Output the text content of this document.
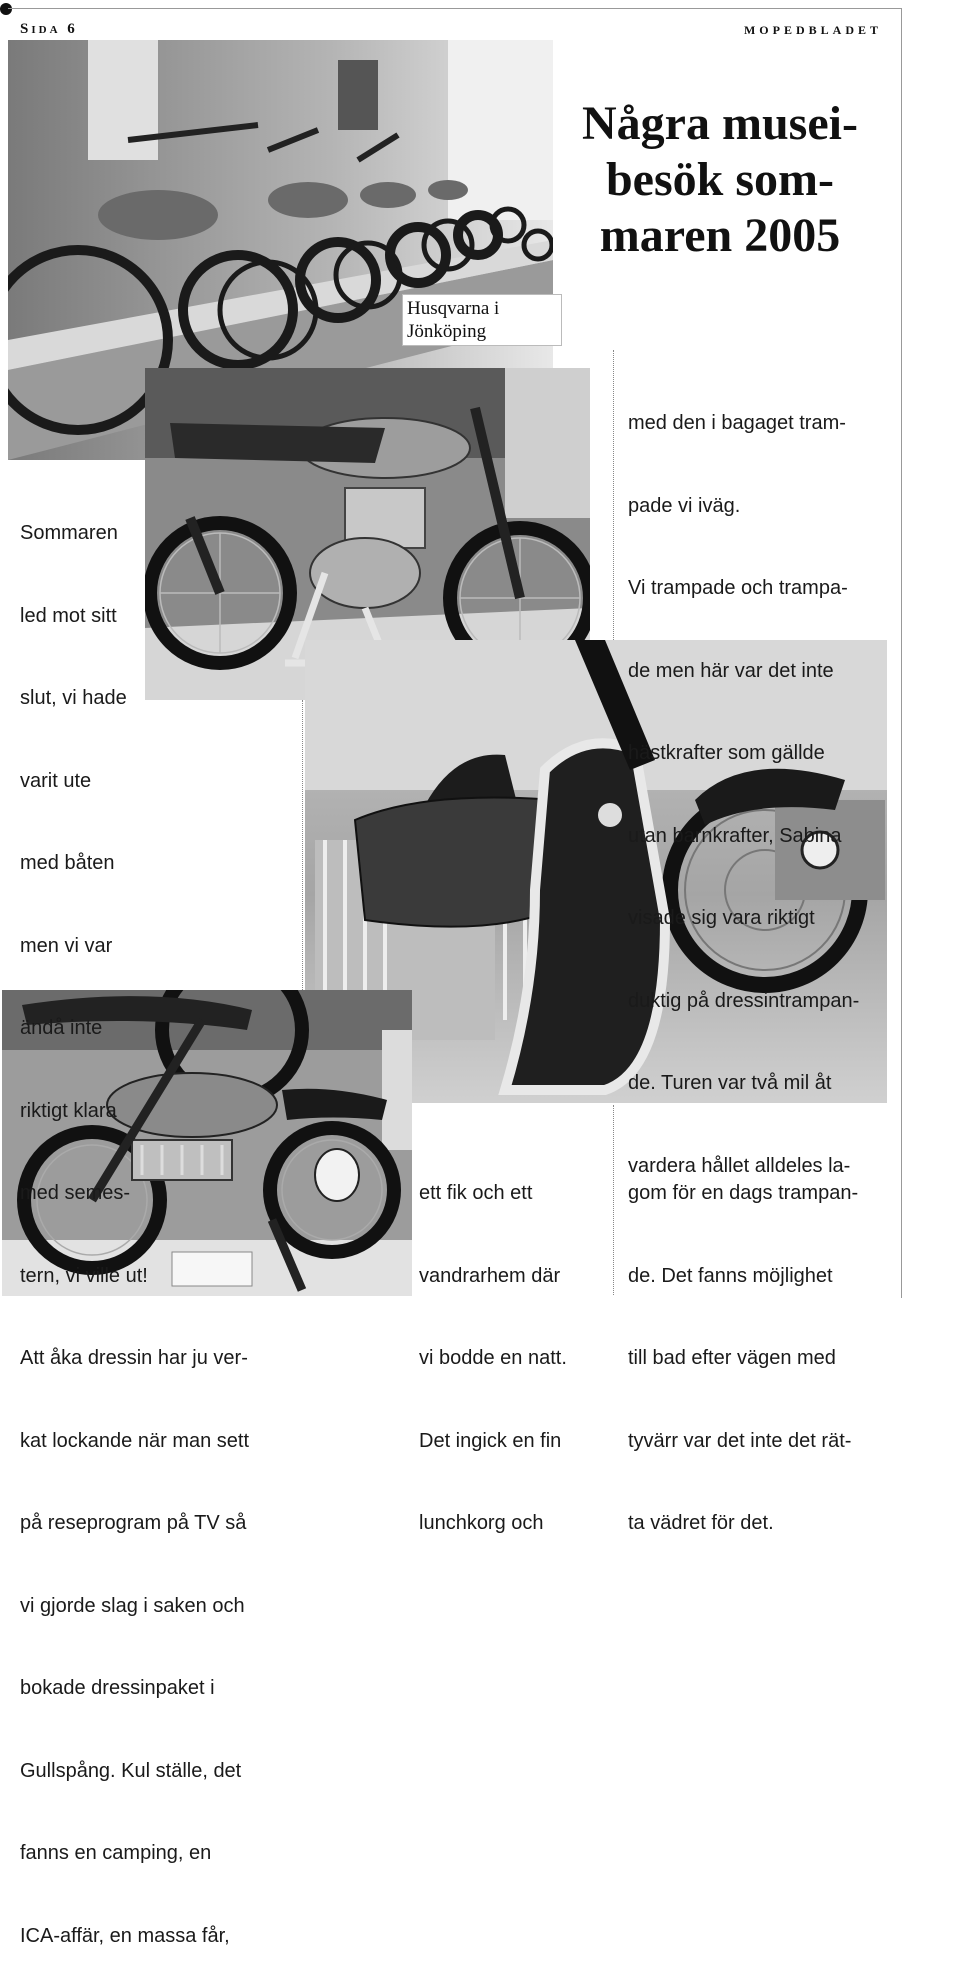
Sida 6	MOPEDBLADET
Några musei-
besök som-
maren 2005
Husqvarna i
Jönköping

Sommaren

led mot sitt

slut, vi hade

varit ute

med båten

men vi var

ändå inte

riktigt klara

med semes-

tern, vi ville ut!

Att åka dressin har ju ver-

kat lockande när man sett

på reseprogram på TV så

vi gjorde slag i saken och

bokade dressinpaket i

Gullspång. Kul ställe, det

fanns en camping, en

ICA-affär, en massa får,

med den i bagaget tram-

pade vi iväg.

Vi trampade och trampa-

de men här var det inte

hästkrafter som gällde

utan barnkrafter, Sabina

visade sig vara riktigt

duktig på dressintrampan-

de. Turen var två mil åt

vardera hållet alldeles la-

ett fik och ett

vandrarhem där

vi bodde en natt.

Det ingick en fin

lunchkorg och

gom för en dags trampan-

de. Det fanns möjlighet

till bad efter vägen med

tyvärr var det inte det rät-

ta vädret för det.
